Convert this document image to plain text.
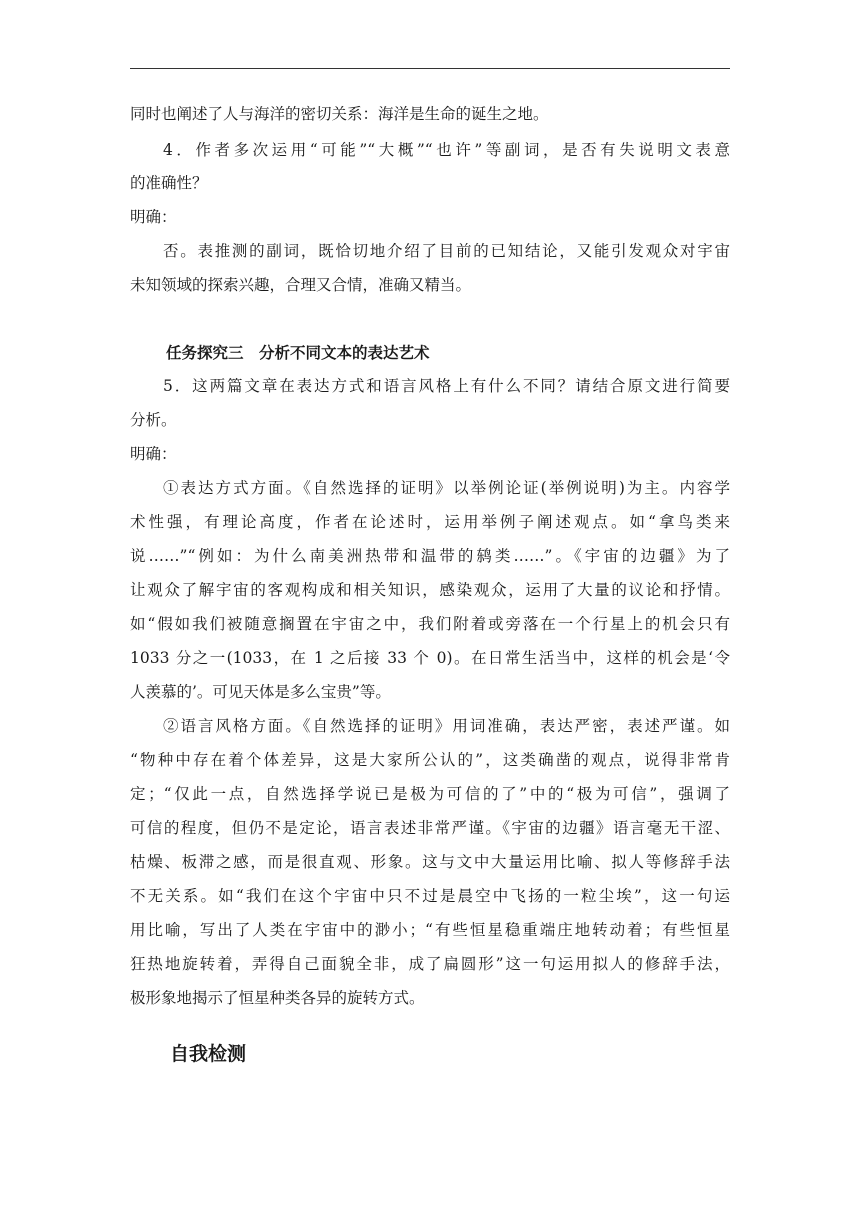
同时也阐述了人与海洋的密切关系：海洋是生命的诞生之地。
4．作者多次运用“可能”“大概”“也许”等副词，是否有失说明文表意
的准确性？
明确：
否。表推测的副词，既恰切地介绍了目前的已知结论，又能引发观众对宇宙
未知领域的探索兴趣，合理又合情，准确又精当。
任务探究三　分析不同文本的表达艺术
5．这两篇文章在表达方式和语言风格上有什么不同？请结合原文进行简要
分析。
明确：
①表达方式方面。《自然选择的证明》以举例论证(举例说明)为主。内容学
术性强，有理论高度，作者在论述时，运用举例子阐述观点。如“拿鸟类来
说……”“例如：为什么南美洲热带和温带的鸫类……”。《宇宙的边疆》为了
让观众了解宇宙的客观构成和相关知识，感染观众，运用了大量的议论和抒情。
如“假如我们被随意搁置在宇宙之中，我们附着或旁落在一个行星上的机会只有
1033 分之一(1033，在 1 之后接 33 个 0)。在日常生活当中，这样的机会是‘令
人羡慕的’。可见天体是多么宝贵”等。
②语言风格方面。《自然选择的证明》用词准确，表达严密，表述严谨。如
“物种中存在着个体差异，这是大家所公认的”，这类确凿的观点，说得非常肯
定；“仅此一点，自然选择学说已是极为可信的了”中的“极为可信”，强调了
可信的程度，但仍不是定论，语言表述非常严谨。《宇宙的边疆》语言毫无干涩、
枯燥、板滞之感，而是很直观、形象。这与文中大量运用比喻、拟人等修辞手法
不无关系。如“我们在这个宇宙中只不过是晨空中飞扬的一粒尘埃”，这一句运
用比喻，写出了人类在宇宙中的渺小；“有些恒星稳重端庄地转动着；有些恒星
狂热地旋转着，弄得自己面貌全非，成了扁圆形”这一句运用拟人的修辞手法，
极形象地揭示了恒星种类各异的旋转方式。
自我检测
